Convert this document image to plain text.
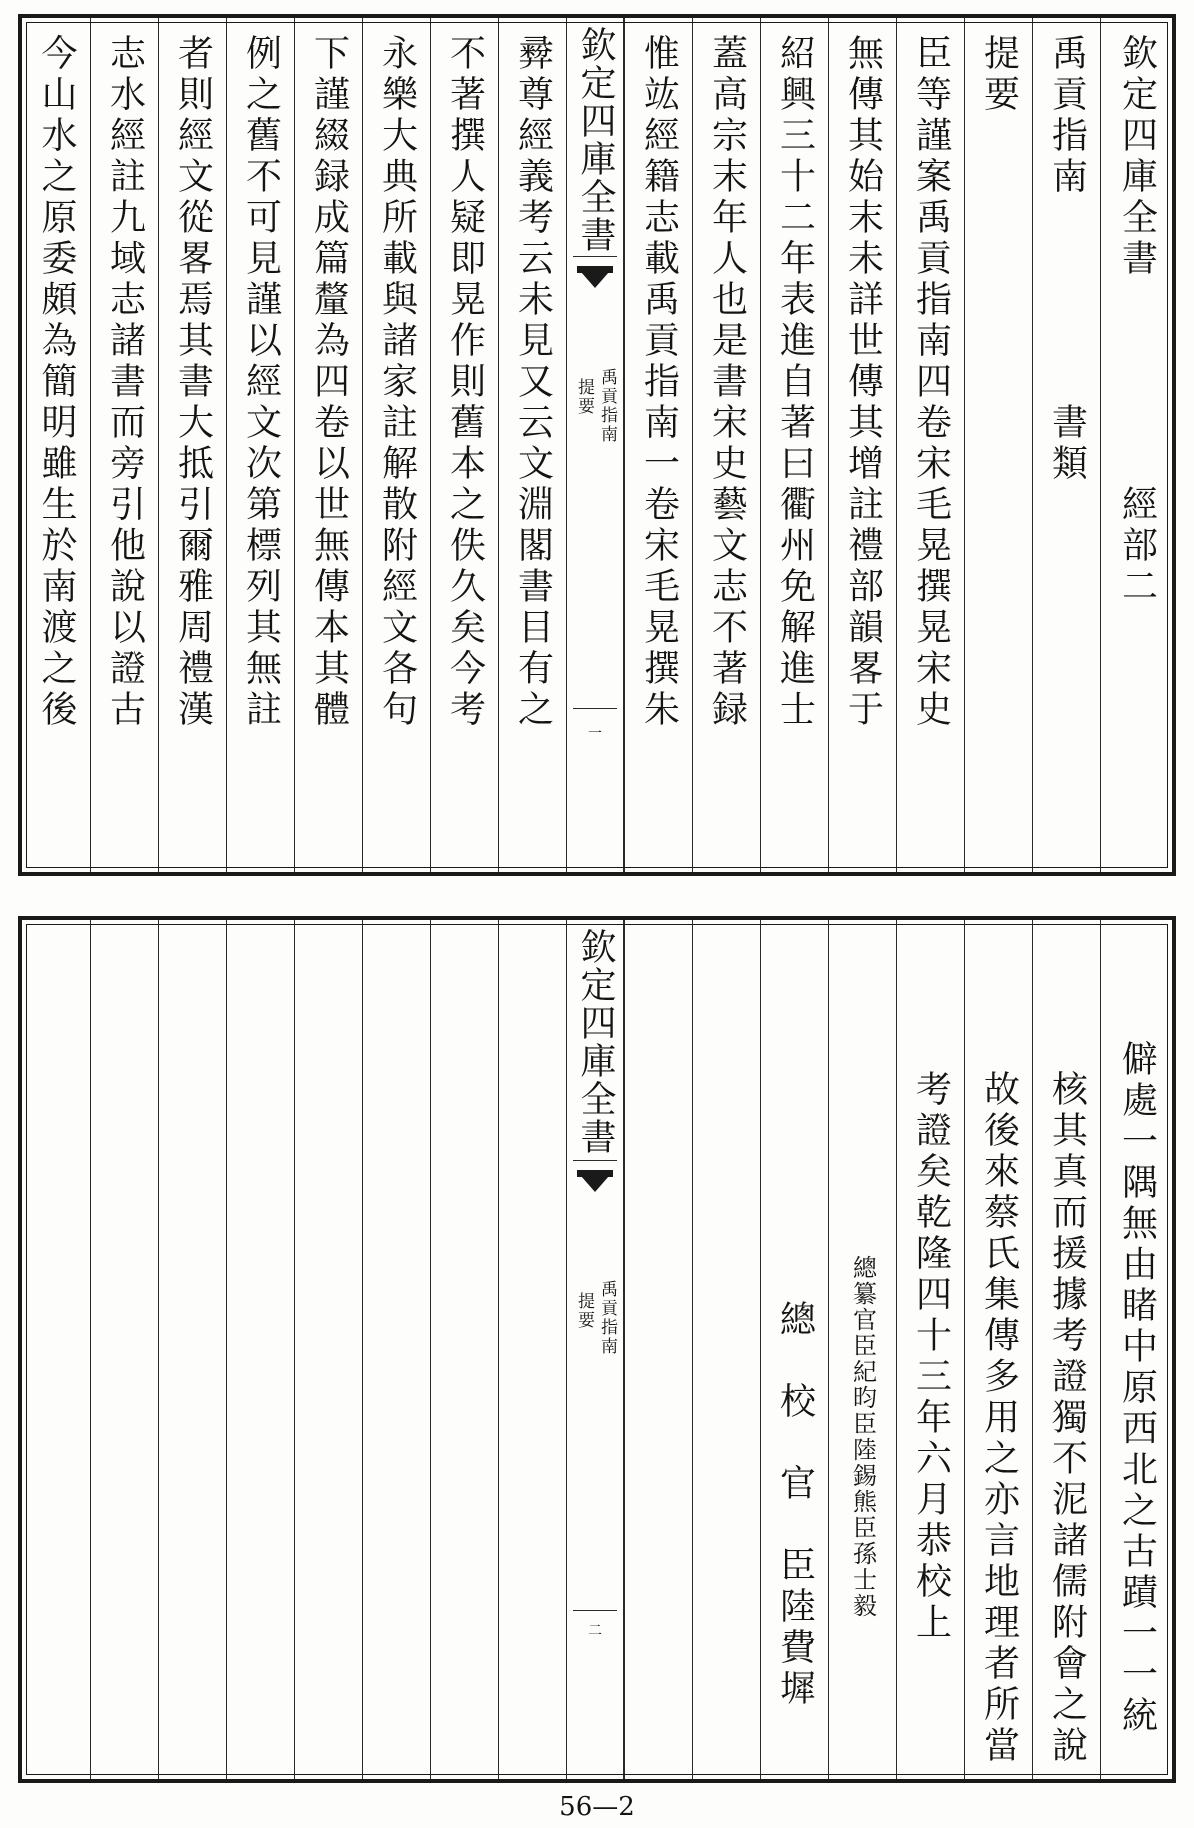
今山水之原委頗為簡明雖生於南渡之後 志水經註九域志諸書而旁引他說以證古 者則經文從畧焉其書大抵引爾雅周禮漢 例之舊不可見謹以經文次第標列其無註 下謹綴録成篇釐為四卷以世無傳本其體 永樂大典所載與諸家註解散附經文各句 不著撰人疑即晃作則舊本之佚久矣今考 彛尊經義考云未見又云文淵閣書目有之 欽定四庫全書
禹貢指南
提要
一
惟竑經籍志載禹貢指南一卷宋毛晃撰朱 蓋高宗末年人也是書宋史藝文志不著録 紹興三十二年表進自著曰衢州免解進士 無傳其始末未詳世傳其增註禮部韻畧于 臣等謹案禹貢指南四卷宋毛晃撰晃宋史 提要 禹貢指南　　　　　書類 欽定四庫全書　　　　　經部二
欽定四庫全書
禹貢指南
提要
二	總　校　官　臣陸費墀 總纂官臣紀昀臣陸錫熊臣孫士毅 考證矣乾隆四十三年六月恭校上 故後來蔡氏集傳多用之亦言地理者所當 核其真而援據考證獨不泥諸儒附會之說 僻處一隅無由睹中原西北之古蹟一一統
56—2
